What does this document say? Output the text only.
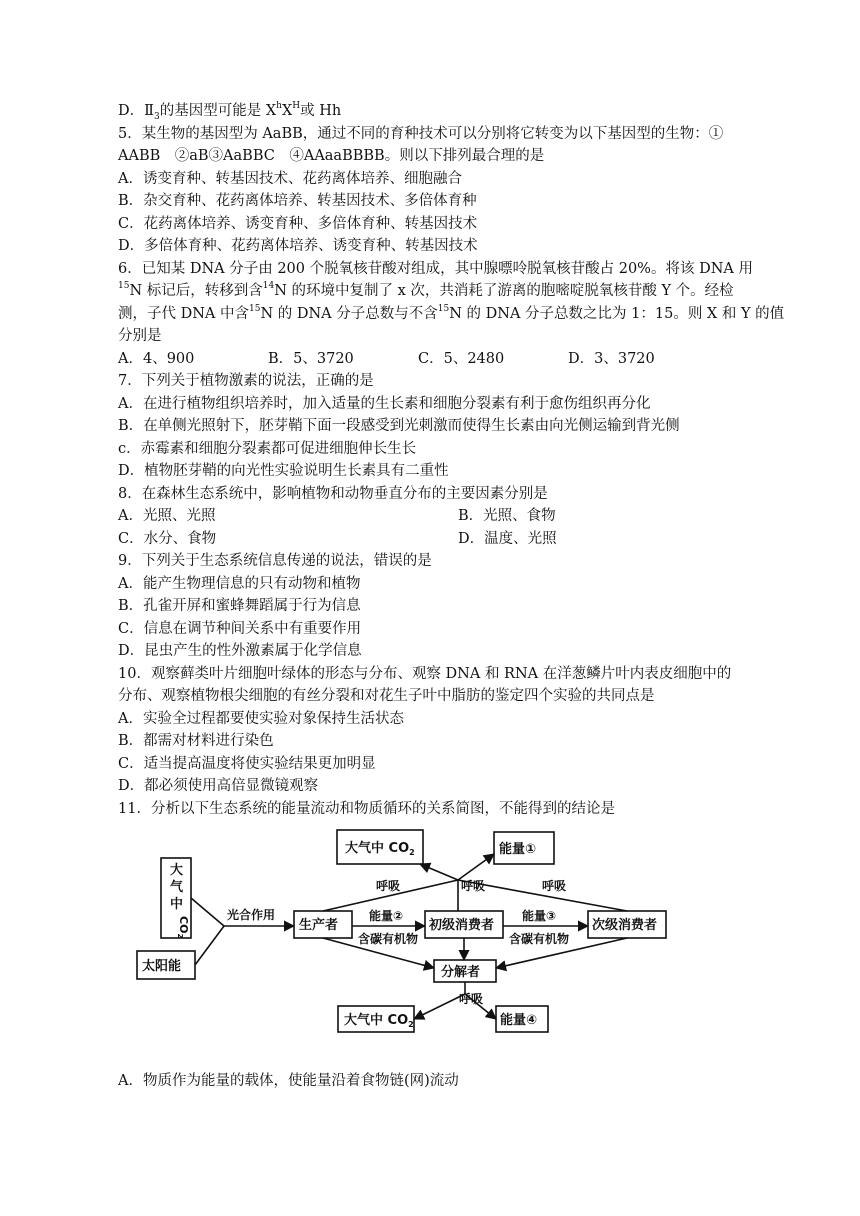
D．$Ⅱ_3$的基因型可能是 $X^hX^H$或 Hh
5．某生物的基因型为 AaBB，通过不同的育种技术可以分别将它转变为以下基因型的生物：①
AABB　②aB③AaBBC　④AAaaBBBB。则以下排列最合理的是
A．诱变育种、转基因技术、花药离体培养、细胞融合
B．杂交育种、花药离体培养、转基因技术、多倍体育种
C．花药离体培养、诱变育种、多倍体育种、转基因技术
D．多倍体育种、花药离体培养、诱变育种、转基因技术
6．已知某 DNA 分子由 200 个脱氧核苷酸对组成，其中腺嘌呤脱氧核苷酸占 20%。将该 DNA 用
$^{15}$N 标记后，转移到含$^{14}$N 的环境中复制了 x 次，共消耗了游离的胞嘧啶脱氧核苷酸 Y 个。经检
测，子代 DNA 中含$^{15}$N 的 DNA 分子总数与不含$^{15}$N 的 DNA 分子总数之比为 1：15。则 X 和 Y 的值
分别是
A．4、900	B．5、3720	C．5、2480	D．3、3720
7．下列关于植物激素的说法，正确的是
A．在进行植物组织培养时，加入适量的生长素和细胞分裂素有利于愈伤组织再分化
B．在单侧光照射下，胚芽鞘下面一段感受到光刺激而使得生长素由向光侧运输到背光侧
c．赤霉素和细胞分裂素都可促进细胞伸长生长
D．植物胚芽鞘的向光性实验说明生长素具有二重性
8．在森林生态系统中，影响植物和动物垂直分布的主要因素分别是
A．光照、光照	B．光照、食物
C．水分、食物	D．温度、光照
9．下列关于生态系统信息传递的说法，错误的是
A．能产生物理信息的只有动物和植物
B．孔雀开屏和蜜蜂舞蹈属于行为信息
C．信息在调节种间关系中有重要作用
D．昆虫产生的性外激素属于化学信息
10．观察藓类叶片细胞叶绿体的形态与分布、观察 DNA 和 RNA 在洋葱鳞片叶内表皮细胞中的
分布、观察植物根尖细胞的有丝分裂和对花生子叶中脂肪的鉴定四个实验的共同点是
A．实验全过程都要使实验对象保持生活状态
B．都需对材料进行染色
C．适当提高温度将使实验结果更加明显
D．都必须使用高倍显微镜观察
11．分析以下生态系统的能量流动和物质循环的关系简图，不能得到的结论是
大气中 $CO_2$	能量①
大
气
中
CO2
太阳能
光合作用
生产者	初级消费者	次级消费者
能量②	能量③
含碳有机物	含碳有机物
呼吸	呼吸	呼吸
分解者
呼吸
大气中 $CO_2$	能量④
A．物质作为能量的载体，使能量沿着食物链(网)流动
